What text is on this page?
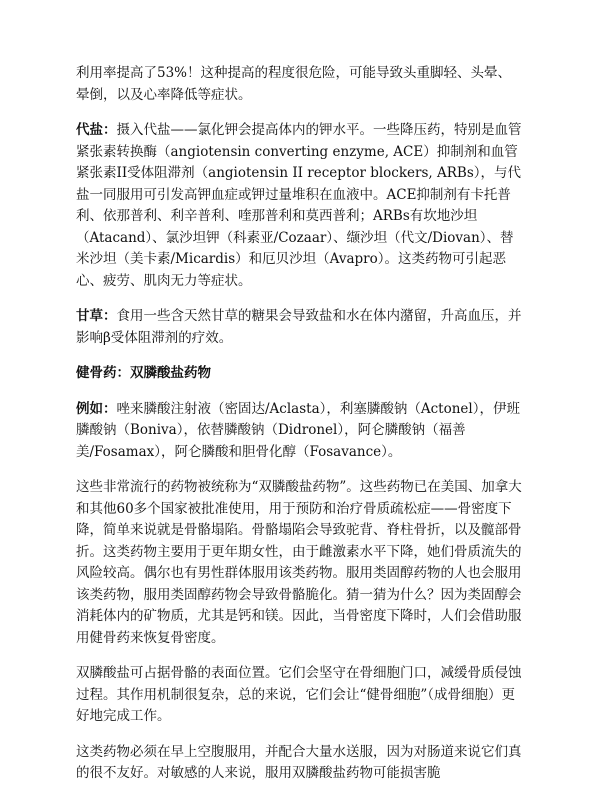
利用率提高了53%！这种提高的程度很危险，可能导致头重脚轻、头晕、晕倒，以及心率降低等症状。

代盐：摄入代盐——氯化钾会提高体内的钾水平。一些降压药，特别是血管紧张素转换酶（angiotensin converting enzyme, ACE）抑制剂和血管紧张素II受体阻滞剂（angiotensin II receptor blockers, ARBs），与代盐一同服用可引发高钾血症或钾过量堆积在血液中。ACE抑制剂有卡托普利、依那普利、利辛普利、喹那普利和莫西普利；ARBs有坎地沙坦（Atacand）、氯沙坦钾（科素亚/Cozaar）、缬沙坦（代文/Diovan）、替米沙坦（美卡素/Micardis）和厄贝沙坦（Avapro）。这类药物可引起恶心、疲劳、肌肉无力等症状。

甘草：食用一些含天然甘草的糖果会导致盐和水在体内潴留，升高血压，并影响β受体阻滞剂的疗效。

健骨药：双膦酸盐药物

例如：唑来膦酸注射液（密固达/Aclasta），利塞膦酸钠（Actonel），伊班膦酸钠（Boniva），依替膦酸钠（Didronel），阿仑膦酸钠（福善美/Fosamax），阿仑膦酸和胆骨化醇（Fosavance）。

这些非常流行的药物被统称为“双膦酸盐药物”。这些药物已在美国、加拿大和其他60多个国家被批准使用，用于预防和治疗骨质疏松症——骨密度下降，简单来说就是骨骼塌陷。骨骼塌陷会导致驼背、脊柱骨折，以及髋部骨折。这类药物主要用于更年期女性，由于雌激素水平下降，她们骨质流失的风险较高。偶尔也有男性群体服用该类药物。服用类固醇药物的人也会服用该类药物，服用类固醇药物会导致骨骼脆化。猜一猜为什么？因为类固醇会消耗体内的矿物质，尤其是钙和镁。因此，当骨密度下降时，人们会借助服用健骨药来恢复骨密度。

双膦酸盐可占据骨骼的表面位置。它们会坚守在骨细胞门口，减缓骨质侵蚀过程。其作用机制很复杂，总的来说，它们会让“健骨细胞”（成骨细胞）更好地完成工作。

这类药物必须在早上空腹服用，并配合大量水送服，因为对肠道来说它们真的很不友好。对敏感的人来说，服用双膦酸盐药物可能损害脆
